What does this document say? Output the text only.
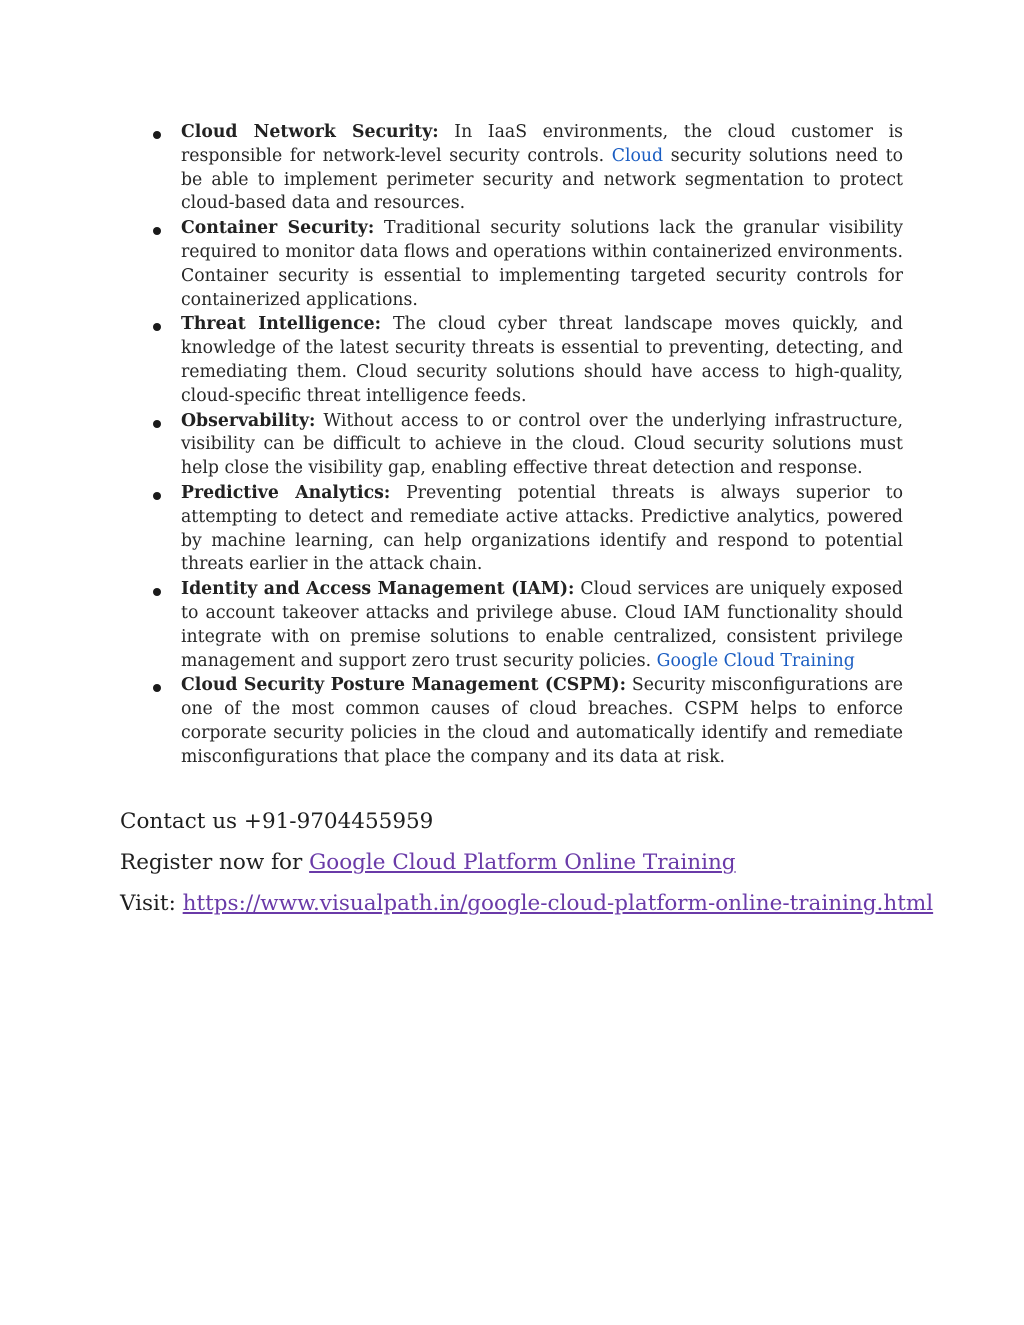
Cloud Network Security: In IaaS environments, the cloud customer is responsible for network-level security controls. Cloud security solutions need to be able to implement perimeter security and network segmentation to protect cloud-based data and resources.
Container Security: Traditional security solutions lack the granular visibility required to monitor data flows and operations within containerized environments. Container security is essential to implementing targeted security controls for containerized applications.
Threat Intelligence: The cloud cyber threat landscape moves quickly, and knowledge of the latest security threats is essential to preventing, detecting, and remediating them. Cloud security solutions should have access to high-quality, cloud-specific threat intelligence feeds.
Observability: Without access to or control over the underlying infrastructure, visibility can be difficult to achieve in the cloud. Cloud security solutions must help close the visibility gap, enabling effective threat detection and response.
Predictive Analytics: Preventing potential threats is always superior to attempting to detect and remediate active attacks. Predictive analytics, powered by machine learning, can help organizations identify and respond to potential threats earlier in the attack chain.
Identity and Access Management (IAM): Cloud services are uniquely exposed to account takeover attacks and privilege abuse. Cloud IAM functionality should integrate with on premise solutions to enable centralized, consistent privilege management and support zero trust security policies. Google Cloud Training
Cloud Security Posture Management (CSPM): Security misconfigurations are one of the most common causes of cloud breaches. CSPM helps to enforce corporate security policies in the cloud and automatically identify and remediate misconfigurations that place the company and its data at risk.
Contact us +91-9704455959
Register now for Google Cloud Platform Online Training
Visit: https://www.visualpath.in/google-cloud-platform-online-training.html
